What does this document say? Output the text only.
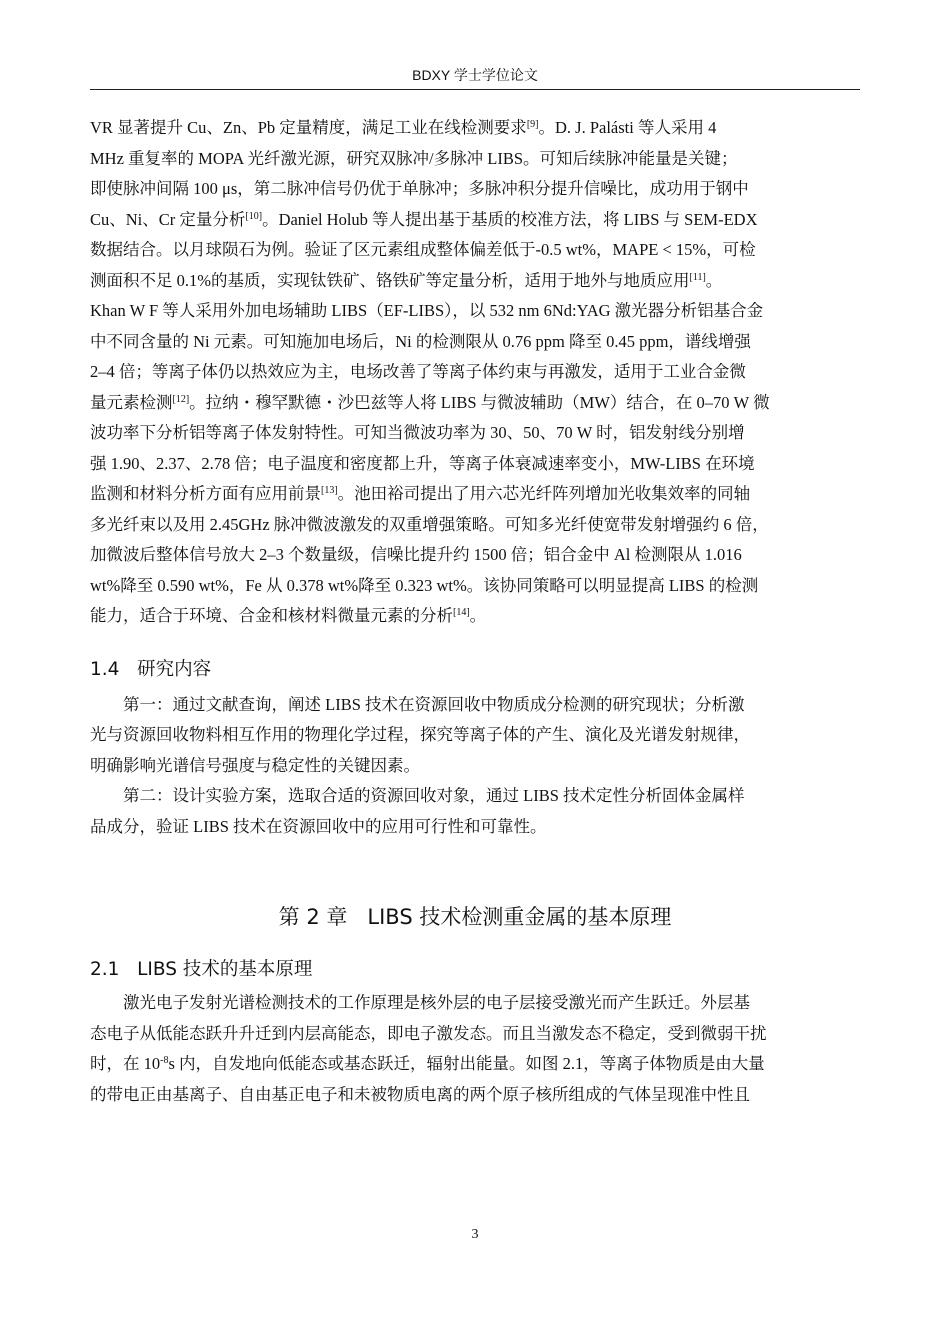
BDXY 学士学位论文
VR 显著提升 Cu、Zn、Pb 定量精度，满足工业在线检测要求[9]。D. J. Palásti 等人采用 4
MHz 重复率的 MOPA 光纤激光源，研究双脉冲/多脉冲 LIBS。可知后续脉冲能量是关键；
即使脉冲间隔 100 μs，第二脉冲信号仍优于单脉冲；多脉冲积分提升信噪比，成功用于钢中
Cu、Ni、Cr 定量分析[10]。Daniel Holub 等人提出基于基质的校准方法，将 LIBS 与 SEM-EDX
数据结合。以月球陨石为例。验证了区元素组成整体偏差低于-0.5 wt%，MAPE < 15%，可检
测面积不足 0.1%的基质，实现钛铁矿、铬铁矿等定量分析，适用于地外与地质应用[11]。
Khan W F 等人采用外加电场辅助 LIBS（EF-LIBS），以 532 nm 6Nd:YAG 激光器分析铝基合金
中不同含量的 Ni 元素。可知施加电场后，Ni 的检测限从 0.76 ppm 降至 0.45 ppm，谱线增强
2–4 倍；等离子体仍以热效应为主，电场改善了等离子体约束与再激发，适用于工业合金微
量元素检测[12]。拉纳・穆罕默德・沙巴兹等人将 LIBS 与微波辅助（MW）结合，在 0–70 W 微
波功率下分析铝等离子体发射特性。可知当微波功率为 30、50、70 W 时，铝发射线分别增
强 1.90、2.37、2.78 倍；电子温度和密度都上升，等离子体衰减速率变小，MW-LIBS 在环境
监测和材料分析方面有应用前景[13]。池田裕司提出了用六芯光纤阵列增加光收集效率的同轴
多光纤束以及用 2.45GHz 脉冲微波激发的双重增强策略。可知多光纤使宽带发射增强约 6 倍，
加微波后整体信号放大 2–3 个数量级，信噪比提升约 1500 倍；铝合金中 Al 检测限从 1.016
wt%降至 0.590 wt%，Fe 从 0.378 wt%降至 0.323 wt%。该协同策略可以明显提高 LIBS 的检测
能力，适合于环境、合金和核材料微量元素的分析[14]。
1.4 研究内容
第一：通过文献查询，阐述 LIBS 技术在资源回收中物质成分检测的研究现状；分析激
光与资源回收物料相互作用的物理化学过程，探究等离子体的产生、演化及光谱发射规律，
明确影响光谱信号强度与稳定性的关键因素。
第二：设计实验方案，选取合适的资源回收对象，通过 LIBS 技术定性分析固体金属样
品成分，验证 LIBS 技术在资源回收中的应用可行性和可靠性。
第 2 章 LIBS 技术检测重金属的基本原理
2.1 LIBS 技术的基本原理
激光电子发射光谱检测技术的工作原理是核外层的电子层接受激光而产生跃迁。外层基
态电子从低能态跃升升迁到内层高能态，即电子激发态。而且当激发态不稳定，受到微弱干扰
时，在 $10^{-8}s$ 内，自发地向低能态或基态跃迁，辐射出能量。如图 2.1，等离子体物质是由大量
的带电正由基离子、自由基正电子和未被物质电离的两个原子核所组成的气体呈现准中性且
3
